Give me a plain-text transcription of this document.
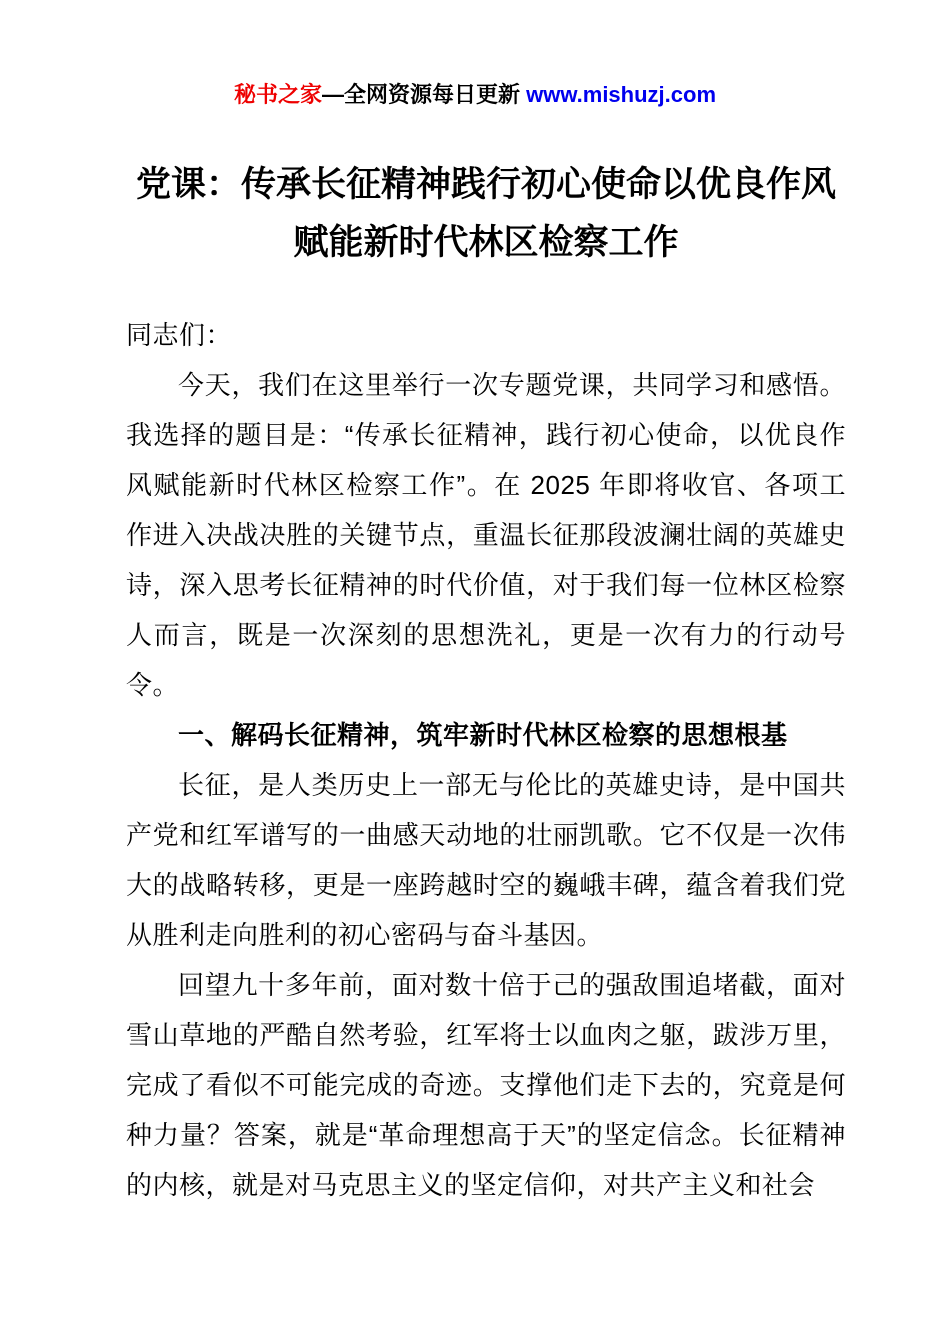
秘书之家—全网资源每日更新 www.mishuzj.com
党课：传承长征精神践行初心使命以优良作风
赋能新时代林区检察工作

同志们：

今天，我们在这里举行一次专题党课，共同学习和感悟。我选择的题目是：“传承长征精神，践行初心使命，以优良作风赋能新时代林区检察工作”。在 2025 年即将收官、各项工作进入决战决胜的关键节点，重温长征那段波澜壮阔的英雄史诗，深入思考长征精神的时代价值，对于我们每一位林区检察人而言，既是一次深刻的思想洗礼，更是一次有力的行动号令。

一、解码长征精神，筑牢新时代林区检察的思想根基

长征，是人类历史上一部无与伦比的英雄史诗，是中国共产党和红军谱写的一曲感天动地的壮丽凯歌。它不仅是一次伟大的战略转移，更是一座跨越时空的巍峨丰碑，蕴含着我们党从胜利走向胜利的初心密码与奋斗基因。

回望九十多年前，面对数十倍于己的强敌围追堵截，面对雪山草地的严酷自然考验，红军将士以血肉之躯，跋涉万里，完成了看似不可能完成的奇迹。支撑他们走下去的，究竟是何种力量？答案，就是“革命理想高于天”的坚定信念。长征精神的内核，就是对马克思主义的坚定信仰，对共产主义和社会
